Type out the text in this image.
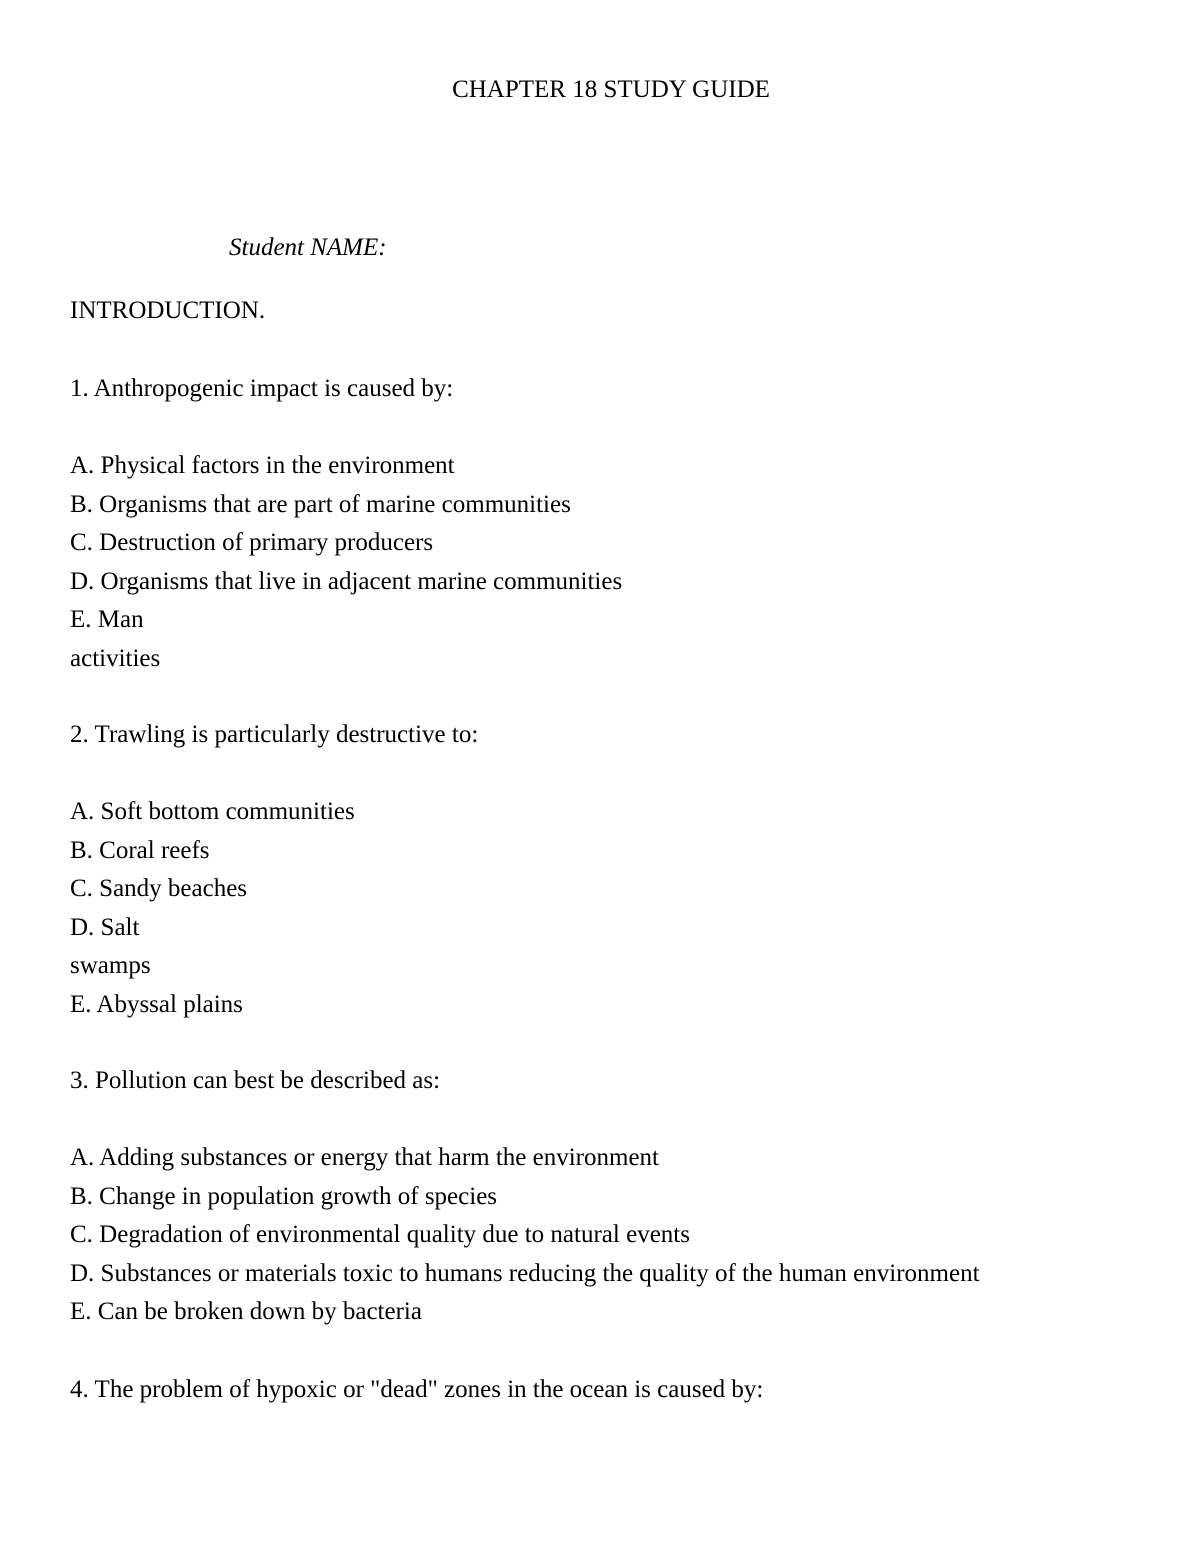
CHAPTER 18 STUDY GUIDE
Student NAME:
INTRODUCTION.
1. Anthropogenic impact is caused by:
A. Physical factors in the environment
B. Organisms that are part of marine communities
C. Destruction of primary producers
D. Organisms that live in adjacent marine communities
E. Man
activities
2. Trawling is particularly destructive to:
A. Soft bottom communities
B. Coral reefs
C. Sandy beaches
D. Salt
swamps
E. Abyssal plains
3. Pollution can best be described as:
A. Adding substances or energy that harm the environment
B. Change in population growth of species
C. Degradation of environmental quality due to natural events
D. Substances or materials toxic to humans reducing the quality of the human environment
E. Can be broken down by bacteria
4. The problem of hypoxic or "dead" zones in the ocean is caused by:
